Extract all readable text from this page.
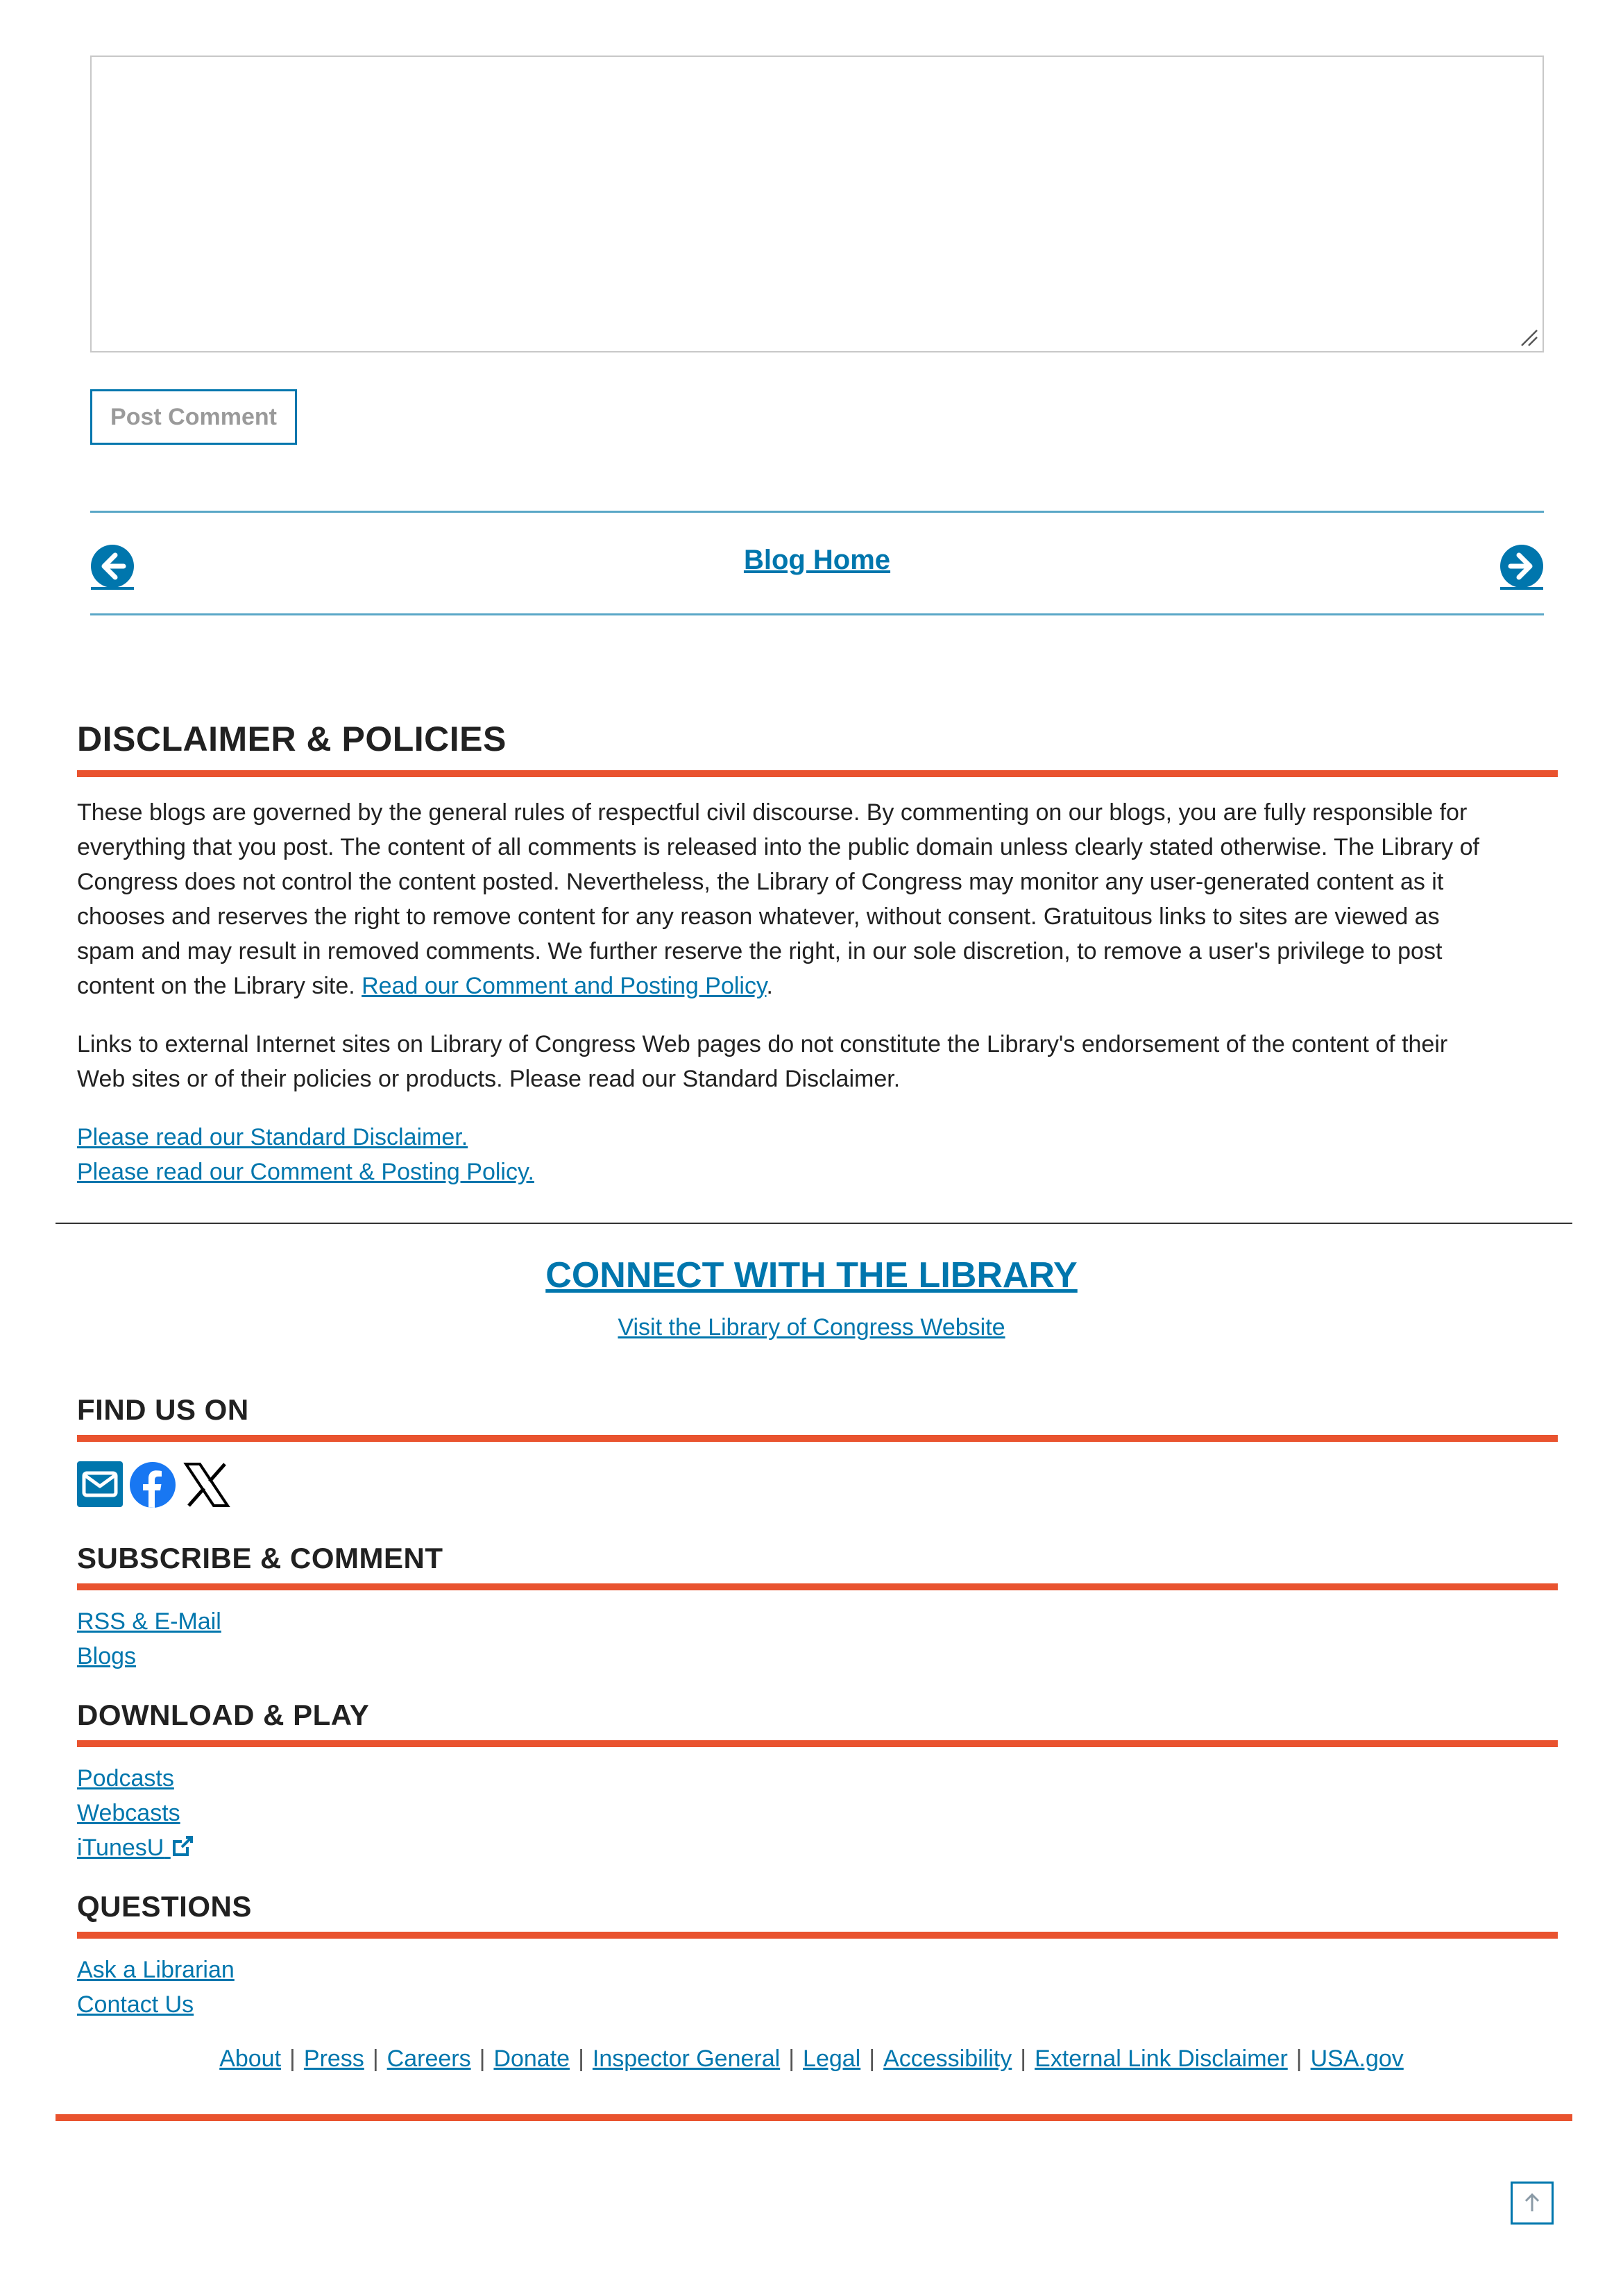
Post Comment
Blog Home
DISCLAIMER & POLICIES
These blogs are governed by the general rules of respectful civil discourse. By commenting on our blogs, you are fully responsible for
everything that you post. The content of all comments is released into the public domain unless clearly stated otherwise. The Library of
Congress does not control the content posted. Nevertheless, the Library of Congress may monitor any user-generated content as it
chooses and reserves the right to remove content for any reason whatever, without consent. Gratuitous links to sites are viewed as
spam and may result in removed comments. We further reserve the right, in our sole discretion, to remove a user's privilege to post
content on the Library site. Read our Comment and Posting Policy.
Links to external Internet sites on Library of Congress Web pages do not constitute the Library's endorsement of the content of their
Web sites or of their policies or products. Please read our Standard Disclaimer.
Please read our Standard Disclaimer.
Please read our Comment & Posting Policy.
CONNECT WITH THE LIBRARY
Visit the Library of Congress Website
FIND US ON
SUBSCRIBE & COMMENT
RSS & E-Mail
Blogs
DOWNLOAD & PLAY
Podcasts
Webcasts
iTunesU
QUESTIONS
Ask a Librarian
Contact Us
About | Press | Careers | Donate | Inspector General | Legal | Accessibility | External Link Disclaimer | USA.gov
